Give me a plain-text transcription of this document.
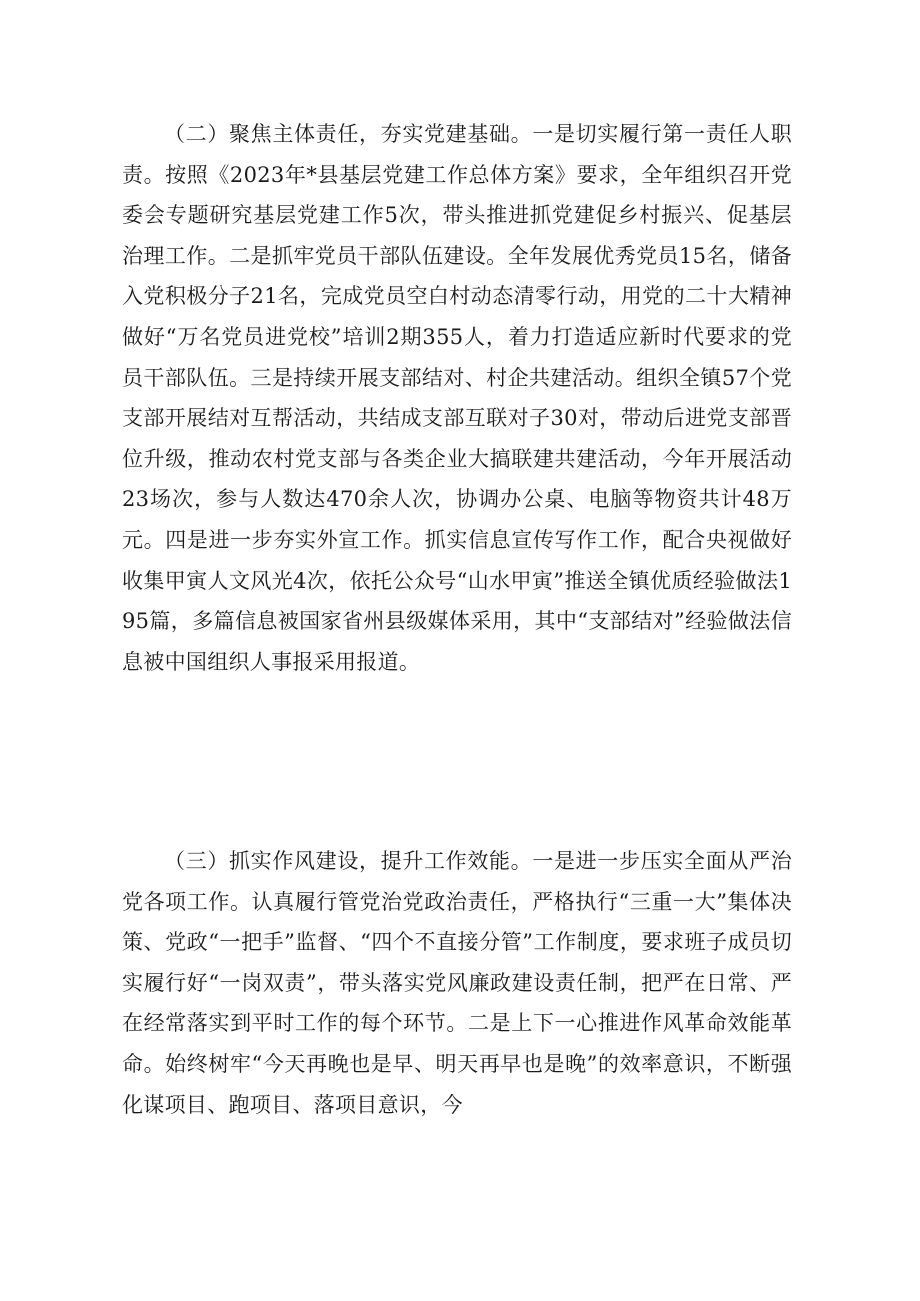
（二）聚焦主体责任，夯实党建基础。一是切实履行第一责任人职责。按照《2023年*县基层党建工作总体方案》要求，全年组织召开党委会专题研究基层党建工作5次，带头推进抓党建促乡村振兴、促基层治理工作。二是抓牢党员干部队伍建设。全年发展优秀党员15名，储备入党积极分子21名，完成党员空白村动态清零行动，用党的二十大精神做好“万名党员进党校”培训2期355人，着力打造适应新时代要求的党员干部队伍。三是持续开展支部结对、村企共建活动。组织全镇57个党支部开展结对互帮活动，共结成支部互联对子30对，带动后进党支部晋位升级，推动农村党支部与各类企业大搞联建共建活动，今年开展活动23场次，参与人数达470余人次，协调办公桌、电脑等物资共计48万元。四是进一步夯实外宣工作。抓实信息宣传写作工作，配合央视做好收集甲寅人文风光4次，依托公众号“山水甲寅”推送全镇优质经验做法195篇，多篇信息被国家省州县级媒体采用，其中“支部结对”经验做法信息被中国组织人事报采用报道。

（三）抓实作风建设，提升工作效能。一是进一步压实全面从严治党各项工作。认真履行管党治党政治责任，严格执行“三重一大”集体决策、党政“一把手”监督、“四个不直接分管”工作制度，要求班子成员切实履行好“一岗双责”，带头落实党风廉政建设责任制，把严在日常、严在经常落实到平时工作的每个环节。二是上下一心推进作风革命效能革命。始终树牢“今天再晚也是早、明天再早也是晚”的效率意识，不断强化谋项目、跑项目、落项目意识，今
